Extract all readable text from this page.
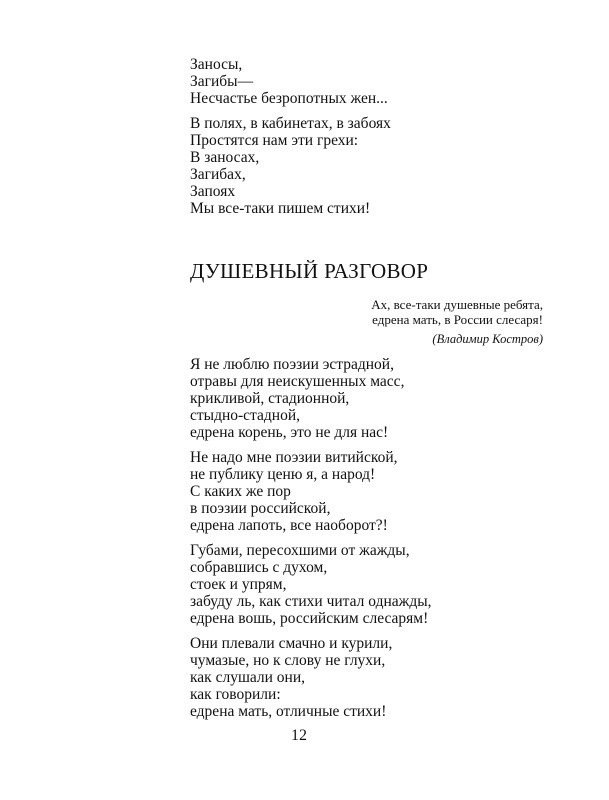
Заносы,
Загибы—
Несчастье безропотных жен...
В полях, в кабинетах, в забоях
Простятся нам эти грехи:
В заносах,
Загибах,
Запоях
Мы все-таки пишем стихи!
ДУШЕВНЫЙ РАЗГОВОР
Ах, все-таки душевные ребята,
едрена мать, в России слесаря!
(Владимир Костров)
Я не люблю поэзии эстрадной,
отравы для неискушенных масс,
крикливой, стадионной,
стыдно-стадной,
едрена корень, это не для нас!
Не надо мне поэзии витийской,
не публику ценю я, а народ!
С каких же пор
в поэзии российской,
едрена лапоть, все наоборот?!
Губами, пересохшими от жажды,
собравшись с духом,
стоек и упрям,
забуду ль, как стихи читал однажды,
едрена вошь, российским слесарям!
Они плевали смачно и курили,
чумазые, но к слову не глухи,
как слушали они,
как говорили:
едрена мать, отличные стихи!
12
